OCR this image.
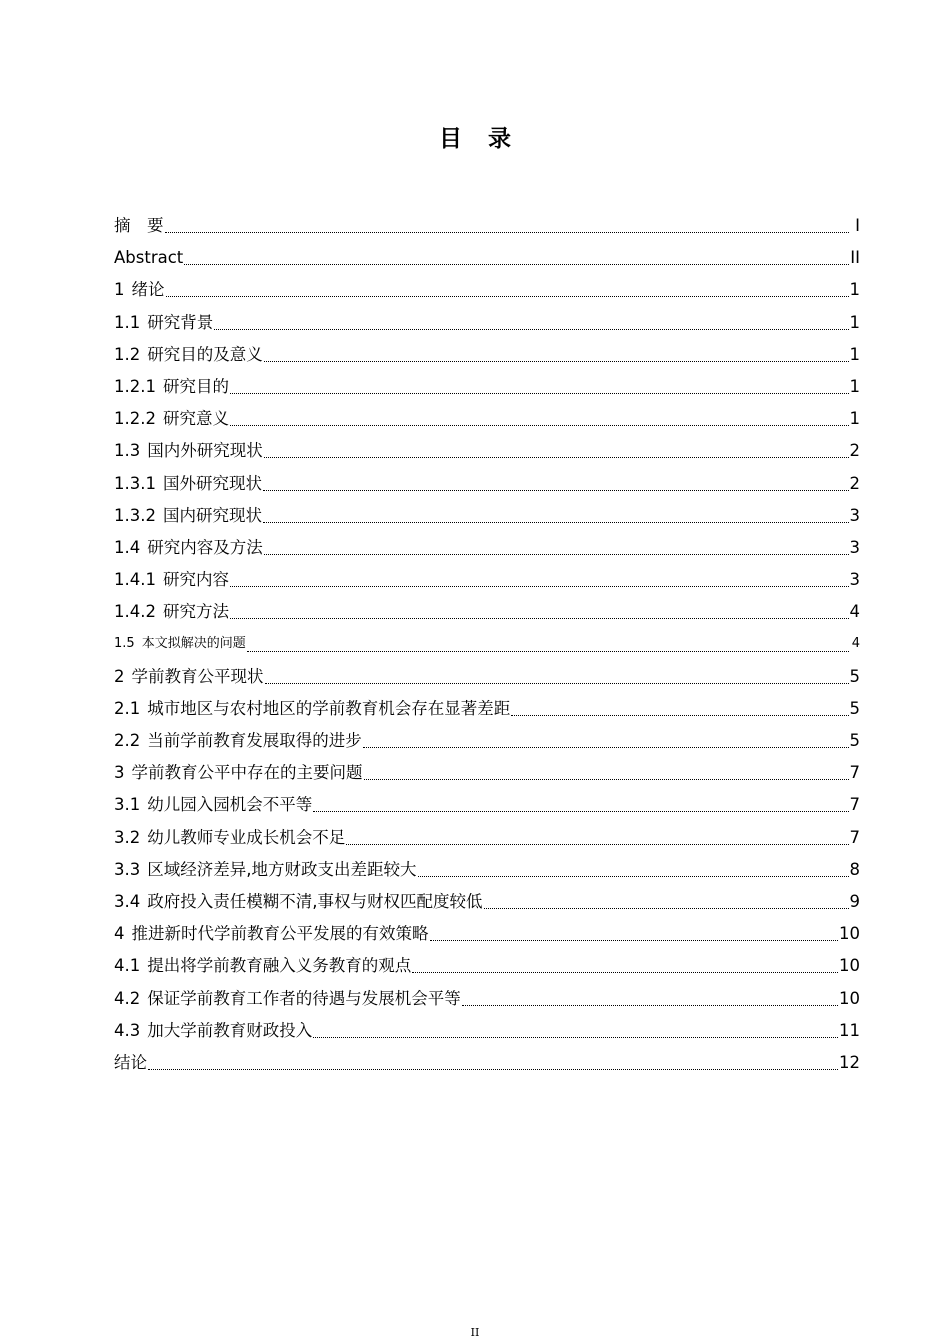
目 录
摘　要	I
Abstract	II
1 绪论	1
1.1 研究背景	1
1.2 研究目的及意义	1
1.2.1 研究目的	1
1.2.2 研究意义	1
1.3 国内外研究现状	2
1.3.1 国外研究现状	2
1.3.2 国内研究现状	3
1.4 研究内容及方法	3
1.4.1 研究内容	3
1.4.2 研究方法	4
1.5 本文拟解决的问题	4
2 学前教育公平现状	5
2.1 城市地区与农村地区的学前教育机会存在显著差距	5
2.2 当前学前教育发展取得的进步	5
3 学前教育公平中存在的主要问题	7
3.1 幼儿园入园机会不平等	7
3.2 幼儿教师专业成长机会不足	7
3.3 区域经济差异,地方财政支出差距较大	8
3.4 政府投入责任模糊不清,事权与财权匹配度较低	9
4 推进新时代学前教育公平发展的有效策略	10
4.1 提出将学前教育融入义务教育的观点	10
4.2 保证学前教育工作者的待遇与发展机会平等	10
4.3 加大学前教育财政投入	11
结论	12
II
